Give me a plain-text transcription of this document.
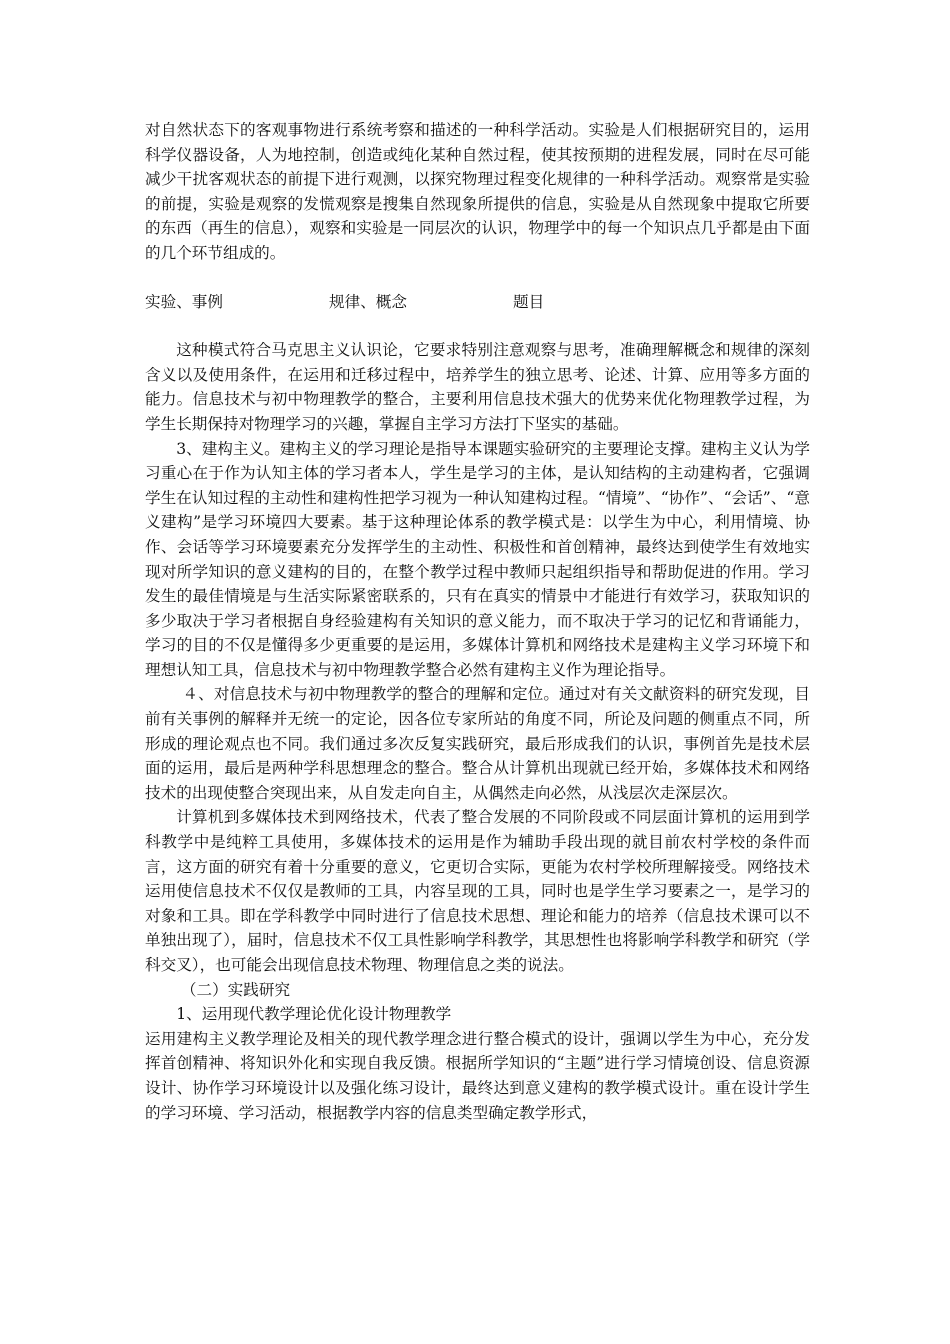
对自然状态下的客观事物进行系统考察和描述的一种科学活动。实验是人们根据研究目的，运用科学仪器设备，人为地控制，创造或纯化某种自然过程，使其按预期的进程发展，同时在尽可能减少干扰客观状态的前提下进行观测，以探究物理过程变化规律的一种科学活动。观察常是实验的前提，实验是观察的发慌观察是搜集自然现象所提供的信息，实验是从自然现象中提取它所要的东西（再生的信息），观察和实验是一同层次的认识，物理学中的每一个知识点几乎都是由下面的几个环节组成的。

实验、事例	规律、概念	题目

这种模式符合马克思主义认识论，它要求特别注意观察与思考，准确理解概念和规律的深刻含义以及使用条件，在运用和迁移过程中，培养学生的独立思考、论述、计算、应用等多方面的能力。信息技术与初中物理教学的整合，主要利用信息技术强大的优势来优化物理教学过程，为学生长期保持对物理学习的兴趣，掌握自主学习方法打下坚实的基础。

3、建构主义。建构主义的学习理论是指导本课题实验研究的主要理论支撑。建构主义认为学习重心在于作为认知主体的学习者本人，学生是学习的主体，是认知结构的主动建构者，它强调学生在认知过程的主动性和建构性把学习视为一种认知建构过程。“情境”、“协作”、“会话”、“意义建构”是学习环境四大要素。基于这种理论体系的教学模式是：以学生为中心，利用情境、协作、会话等学习环境要素充分发挥学生的主动性、积极性和首创精神，最终达到使学生有效地实现对所学知识的意义建构的目的，在整个教学过程中教师只起组织指导和帮助促进的作用。学习发生的最佳情境是与生活实际紧密联系的，只有在真实的情景中才能进行有效学习，获取知识的多少取决于学习者根据自身经验建构有关知识的意义能力，而不取决于学习的记忆和背诵能力，学习的目的不仅是懂得多少更重要的是运用，多媒体计算机和网络技术是建构主义学习环境下和理想认知工具，信息技术与初中物理教学整合必然有建构主义作为理论指导。

４、对信息技术与初中物理教学的整合的理解和定位。通过对有关文献资料的研究发现，目前有关事例的解释并无统一的定论，因各位专家所站的角度不同，所论及问题的侧重点不同，所形成的理论观点也不同。我们通过多次反复实践研究，最后形成我们的认识，事例首先是技术层面的运用，最后是两种学科思想理念的整合。整合从计算机出现就已经开始，多媒体技术和网络技术的出现使整合突现出来，从自发走向自主，从偶然走向必然，从浅层次走深层次。

计算机到多媒体技术到网络技术，代表了整合发展的不同阶段或不同层面计算机的运用到学科教学中是纯粹工具使用，多媒体技术的运用是作为辅助手段出现的就目前农村学校的条件而言，这方面的研究有着十分重要的意义，它更切合实际，更能为农村学校所理解接受。网络技术运用使信息技术不仅仅是教师的工具，内容呈现的工具，同时也是学生学习要素之一，是学习的对象和工具。即在学科教学中同时进行了信息技术思想、理论和能力的培养（信息技术课可以不单独出现了），届时，信息技术不仅工具性影响学科教学，其思想性也将影响学科教学和研究（学科交叉），也可能会出现信息技术物理、物理信息之类的说法。

（二）实践研究

1、运用现代教学理论优化设计物理教学

运用建构主义教学理论及相关的现代教学理念进行整合模式的设计，强调以学生为中心，充分发挥首创精神、将知识外化和实现自我反馈。根据所学知识的“主题”进行学习情境创设、信息资源设计、协作学习环境设计以及强化练习设计，最终达到意义建构的教学模式设计。重在设计学生的学习环境、学习活动，根据教学内容的信息类型确定教学形式，
